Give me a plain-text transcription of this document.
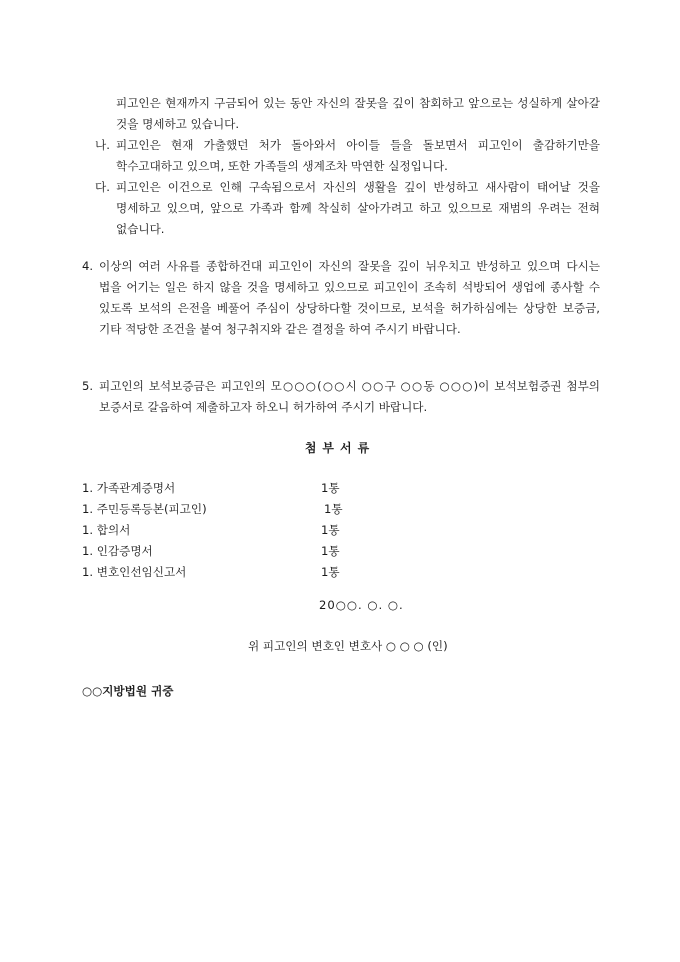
피고인은 현재까지 구금되어 있는 동안 자신의 잘못을 깊이 참회하고 앞으로는 성실하게 살아갈 것을 명세하고 있습니다.
나. 피고인은 현재 가출했던 처가 돌아와서 아이들 들을 돌보면서 피고인이 출감하기만을 학수고대하고 있으며, 또한 가족들의 생계조차 막연한 실정입니다.
다. 피고인은 이건으로 인해 구속됨으로서 자신의 생활을 깊이 반성하고 새사람이 태어날 것을 명세하고 있으며, 앞으로 가족과 함께 착실히 살아가려고 하고 있으므로 재범의 우려는 전혀 없습니다.
4. 이상의 여러 사유를 종합하건대 피고인이 자신의 잘못을 깊이 뉘우치고 반성하고 있으며 다시는 법을 어기는 일은 하지 않을 것을 명세하고 있으므로 피고인이 조속히 석방되어 생업에 종사할 수 있도록 보석의 은전을 베풀어 주심이 상당하다할 것이므로, 보석을 허가하심에는 상당한 보증금, 기타 적당한 조건을 붙여 청구취지와 같은 결정을 하여 주시기 바랍니다.
5. 피고인의 보석보증금은 피고인의 모○○○(○○시 ○○구 ○○동 ○○○)이 보석보험증권 첨부의 보증서로 갈음하여 제출하고자 하오니 허가하여 주시기 바랍니다.
첨부서류
1. 가족관계증명서	1통
1. 주민등록등본(피고인)	1통
1. 합의서	1통
1. 인감증명서	1통
1. 변호인선임신고서	1통
20○○. ○. ○.
위 피고인의 변호인 변호사 ○ ○ ○ (인)
○○지방법원 귀중
